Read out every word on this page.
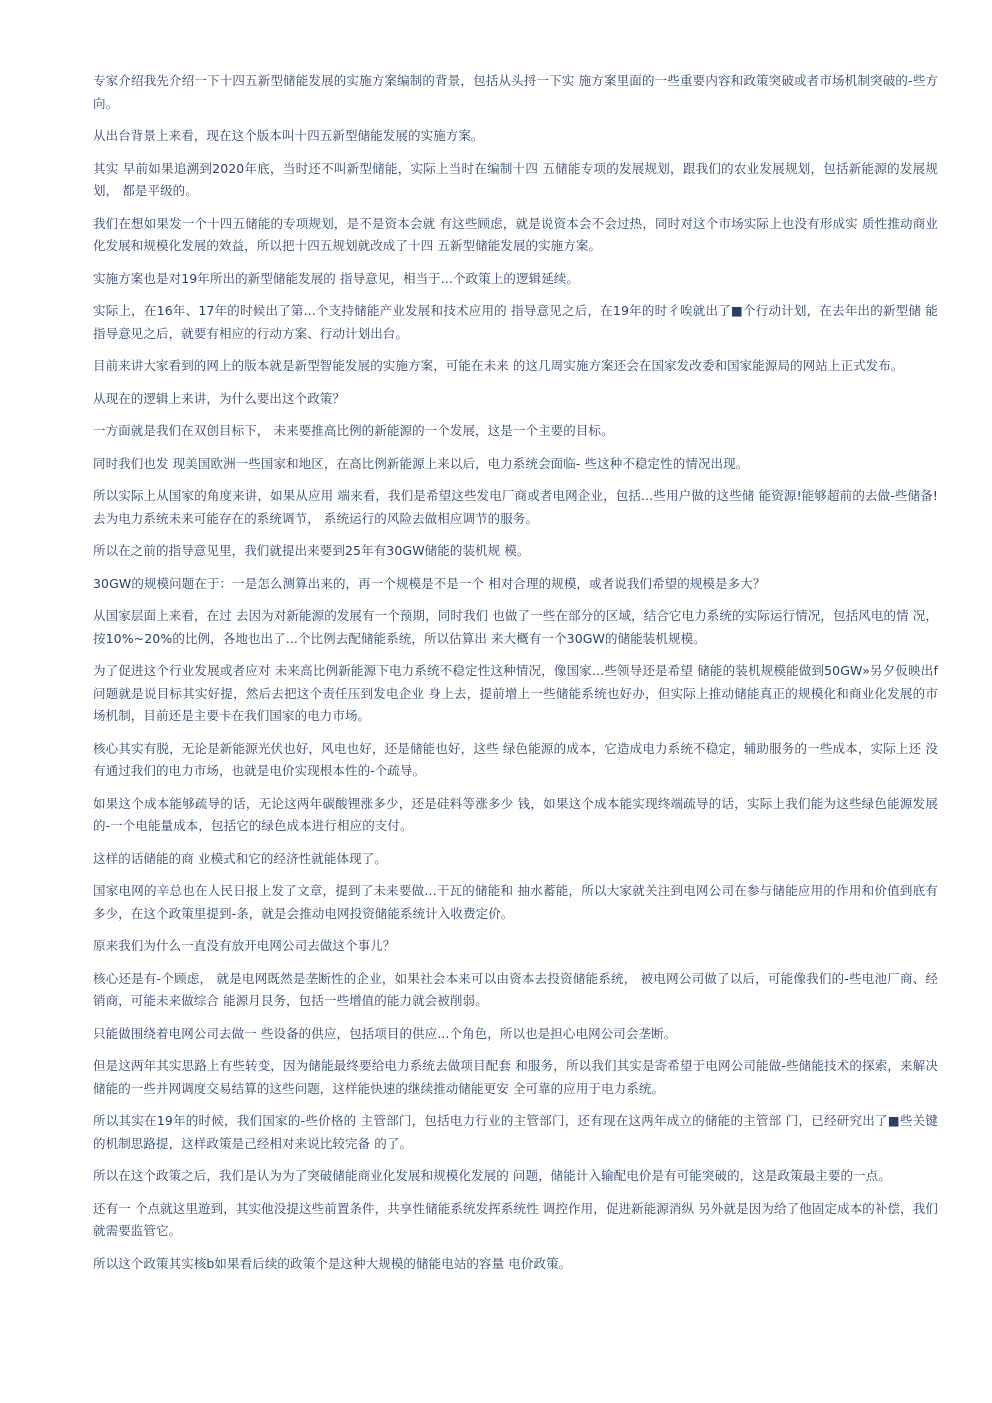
专家介绍我先介绍一下十四五新型储能发展的实施方案编制的背景，包括从头捋一下实 施方案里面的一些重要内容和政策突破或者市场机制突破的-些方向。

从出台背景上来看，现在这个版本叫十四五新型储能发展的实施方案。

其实 早前如果追溯到2020年底，当时还不叫新型储能，实际上当时在编制十四 五储能专项的发展规划，跟我们的农业发展规划，包括新能源的发展规划， 都是平级的。

我们在想如果发一个十四五储能的专项规划，是不是资本会就 有这些顾虑，就是说资本会不会过热，同时对这个市场实际上也没有形成实 质性推动商业化发展和规模化发展的效益，所以把十四五规划就改成了十四 五新型储能发展的实施方案。

实施方案也是对19年所出的新型储能发展的 指导意见，相当于...个政策上的逻辑延续。

实际上，在16年、17年的时候出了第...个支持储能产业发展和技术应用的 指导意见之后，在19年的时彳唉就出了■个行动计划，在去年出的新型储 能指导意见之后，就要有相应的行动方案、行动计划出台。

目前来讲大家看到的网上的版本就是新型智能发展的实施方案，可能在未来 的这几周实施方案还会在国家发改委和国家能源局的网站上正式发布。

从现在的逻辑上来讲，为什么要出这个政策？

一方面就是我们在双创目标下， 未来要推高比例的新能源的一个发展，这是一个主要的目标。

同时我们也发 现美国欧洲一些国家和地区，在高比例新能源上来以后，电力系统会面临- 些这种不稳定性的情况出现。

所以实际上从国家的角度来讲，如果从应用 端来看，我们是希望这些发电厂商或者电网企业，包括...些用户做的这些储 能资源!能够超前的去做-些储备!去为电力系统未来可能存在的系统调节， 系统运行的风险去做相应调节的服务。

所以在之前的指导意见里，我们就提出来要到25年有30GW储能的装机规 模。

30GW的规模问题在于：一是怎么测算出来的，再一个规模是不是一个 相对合理的规模，或者说我们希望的规模是多大？

从国家层面上来看，在过 去因为对新能源的发展有一个预期，同时我们 也做了一些在部分的区域，结合它电力系统的实际运行情况，包括风电的情 况，按10%~20%的比例，各地也出了...个比例去配储能系统，所以估算出 来大概有一个30GW的储能装机规模。

为了促进这个行业发展或者应对 未来高比例新能源下电力系统不稳定性这种情况，像国家...些领导还是希望 储能的装机规模能做到50GW»另夕仮映出f问题就是说目标其实好提，然后去把这个责任压到发电企业 身上去，提前增上一些储能系统也好办，但实际上推动储能真正的规模化和商业化发展的市场机制，目前还是主要卡在我们国家的电力市场。

核心其实有脱，无论是新能源光伏也好，风电也好，还是储能也好，这些 绿色能源的成本，它造成电力系统不稳定，辅助服务的一些成本，实际上还 没有通过我们的电力市场，也就是电价实现根本性的-个疏导。

如果这个成本能够疏导的话，无论这两年碳酸锂涨多少，还是硅料等涨多少 钱，如果这个成本能实现终端疏导的话，实际上我们能为这些绿色能源发展 的-一个电能量成本，包括它的绿色成本进行相应的支付。

这样的话储能的商 业模式和它的经济性就能体现了。

国家电网的辛总也在人民日报上发了文章，提到了未来要做...干瓦的储能和 抽水蓄能，所以大家就关注到电网公司在参与储能应用的作用和价值到底有 多少，在这个政策里提到-条，就是会推动电网投资储能系统计入收费定价。

原来我们为什么一直没有放开电网公司去做这个事儿？

核心还是有-个顾虑， 就是电网既然是垄断性的企业，如果社会本来可以由资本去投资储能系统， 被电网公司做了以后，可能像我们的-些电池厂商、经销商，可能未来做综合 能源月艮务，包括一些增值的能力就会被削弱。

只能做围绕着电网公司去做一 些设备的供应，包括项目的供应...个角色，所以也是担心电网公司会垄断。

但是这两年其实思路上有些转变，因为储能最终要给电力系统去做项目配套 和服务，所以我们其实是寄希望于电网公司能做-些储能技术的探索，来解决 储能的一些并网调度交易结算的这些问题，这样能快速的继续推动储能更安 全可靠的应用于电力系统。

所以其实在19年的时候，我们国家的-些价格的 主管部门，包括电力行业的主管部门，还有现在这两年成立的储能的主管部 门，已经研究出了■些关键的机制思路提，这样政策是己经相对来说比较完备 的了。

所以在这个政策之后，我们是认为为了突破储能商业化发展和规模化发展的 问题，储能计入输配电价是有可能突破的，这是政策最主要的一点。

还有一 个点就这里遊到，其实他没提这些前置条件，共享性储能系统发挥系统性 调控作用，促进新能源消纵 另外就是因为给了他固定成本的补偿，我们就需要监管它。

所以这个政策其实核b如果看后续的政策个是这种大规模的储能电站的容量 电价政策。
